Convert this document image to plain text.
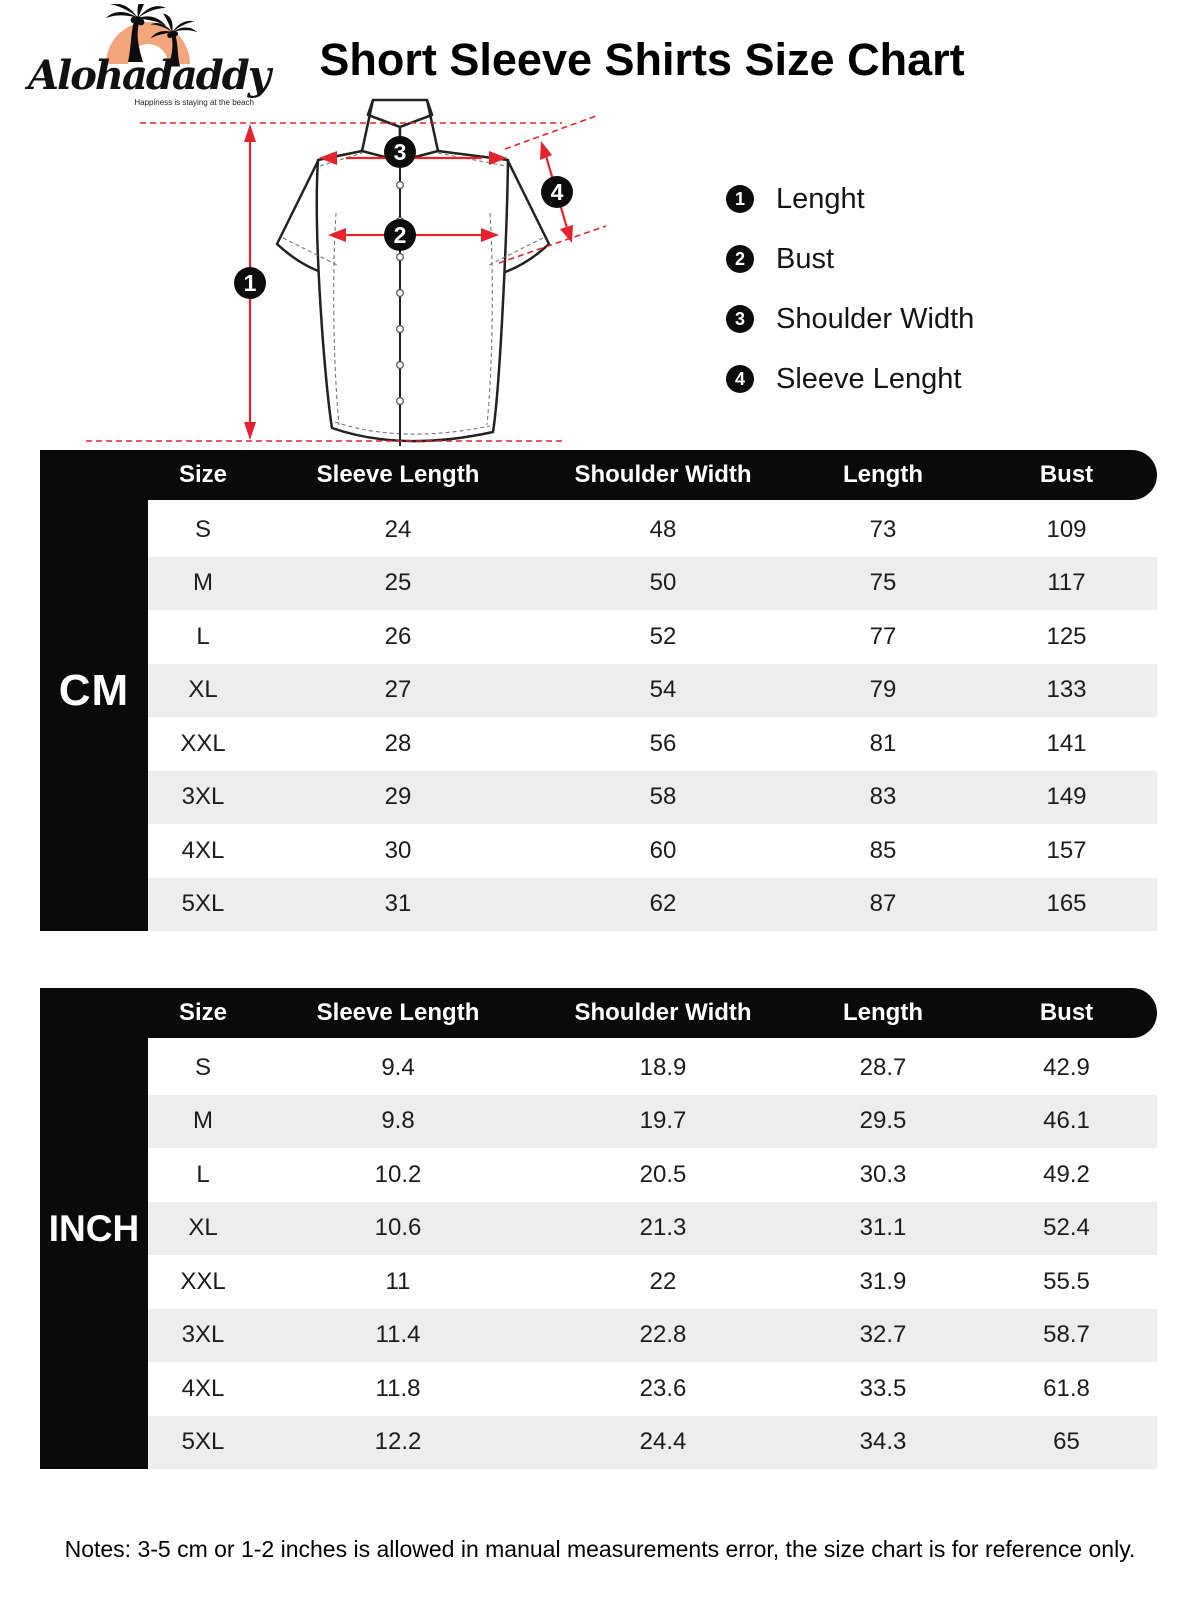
Alohadaddy
Happiness is staying at the beach
Short Sleeve Shirts Size Chart
1
2
3
4	1	Lenght
2	Bust
3	Shoulder Width
4	Sleeve Lenght
CM
Size	Sleeve Length	Shoulder Width	Length	Bust
S	24	48	73	109
M	25	50	75	117
L	26	52	77	125
XL	27	54	79	133
XXL	28	56	81	141
3XL	29	58	83	149
4XL	30	60	85	157
5XL	31	62	87	165
INCH
Size	Sleeve Length	Shoulder Width	Length	Bust
S	9.4	18.9	28.7	42.9
M	9.8	19.7	29.5	46.1
L	10.2	20.5	30.3	49.2
XL	10.6	21.3	31.1	52.4
XXL	11	22	31.9	55.5
3XL	11.4	22.8	32.7	58.7
4XL	11.8	23.6	33.5	61.8
5XL	12.2	24.4	34.3	65
Notes: 3-5 cm or 1-2 inches is allowed in manual measurements error, the size chart is for reference only.
